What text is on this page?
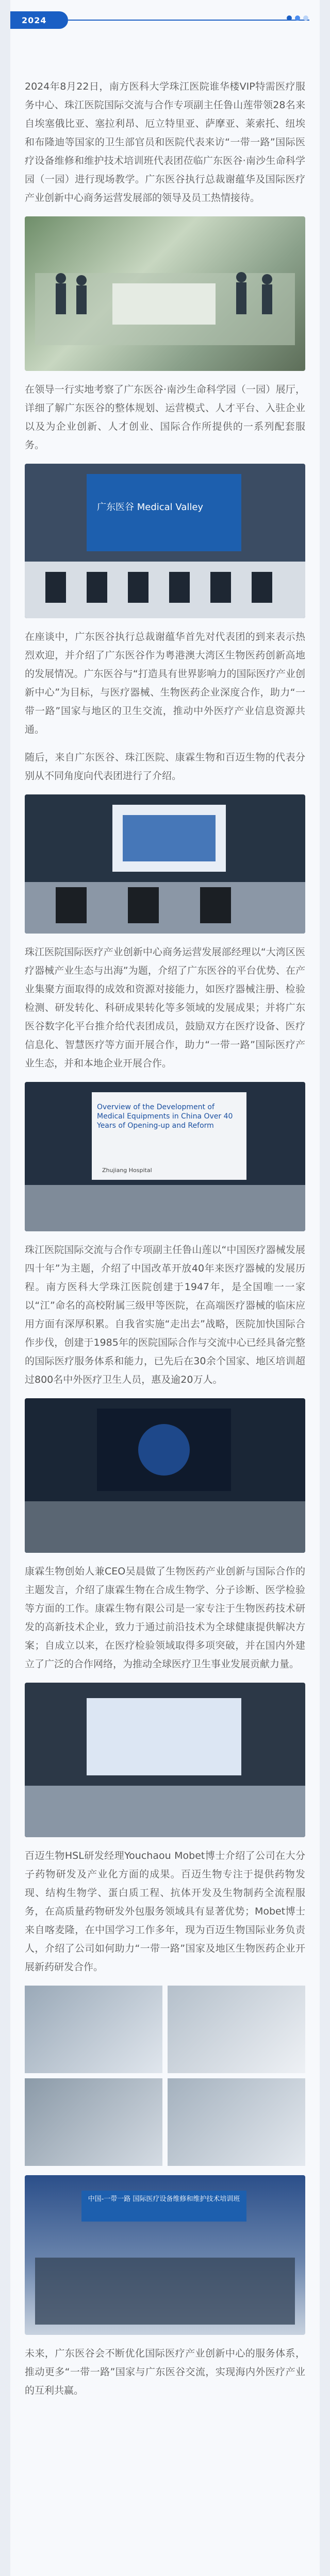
2024

2024年8月22日，南方医科大学珠江医院谁华楼VIP特需医疗服务中心、珠江医院国际交流与合作专项副主任鲁山莲带领28名来自埃塞俄比亚、塞拉利昂、厄立特里亚、萨摩亚、莱索托、纽埃和布隆迪等国家的卫生部官员和医院代表来访“一带一路”国际医疗设备维修和维护技术培训班代表团莅临广东医谷·南沙生命科学园（一园）进行现场教学。广东医谷执行总裁谢蕴华及国际医疗产业创新中心商务运营发展部的领导及员工热情接待。

在领导一行实地考察了广东医谷·南沙生命科学园（一园）展厅，详细了解广东医谷的整体规划、运营模式、人才平台、入驻企业以及为企业创新、人才创业、国际合作所提供的一系列配套服务。

广东医谷 Medical Valley

在座谈中，广东医谷执行总裁谢蕴华首先对代表团的到来表示热烈欢迎，并介绍了广东医谷作为粤港澳大湾区生物医药创新高地的发展情况。广东医谷与“打造具有世界影响力的国际医疗产业创新中心”为目标，与医疗器械、生物医药企业深度合作，助力“一带一路”国家与地区的卫生交流，推动中外医疗产业信息资源共通。

随后，来自广东医谷、珠江医院、康霖生物和百迈生物的代表分别从不同角度向代表团进行了介绍。

珠江医院国际医疗产业创新中心商务运营发展部经理以“大湾区医疗器械产业生态与出海”为题，介绍了广东医谷的平台优势、在产业集聚方面取得的成效和资源对接能力，如医疗器械注册、检验检测、研发转化、科研成果转化等多领域的发展成果；并将广东医谷数字化平台推介给代表团成员，鼓励双方在医疗设备、医疗信息化、智慧医疗等方面开展合作，助力“一带一路”国际医疗产业生态，并和本地企业开展合作。

Overview of the Development of Medical Equipments in China Over 40 Years of Opening-up and Reform
Zhujiang Hospital

珠江医院国际交流与合作专项副主任鲁山莲以“中国医疗器械发展四十年”为主题，介绍了中国改革开放40年来医疗器械的发展历程。南方医科大学珠江医院创建于1947年，是全国唯一一家以“江”命名的高校附属三级甲等医院，在高端医疗器械的临床应用方面有深厚积累。自我省实施“走出去”战略，医院加快国际合作步伐，创建于1985年的医院国际合作与交流中心已经具备完整的国际医疗服务体系和能力，已先后在30余个国家、地区培训超过800名中外医疗卫生人员，惠及逾20万人。

康霖生物创始人兼CEO吴晨做了生物医药产业创新与国际合作的主题发言，介绍了康霖生物在合成生物学、分子诊断、医学检验等方面的工作。康霖生物有限公司是一家专注于生物医药技术研发的高新技术企业，致力于通过前沿技术为全球健康提供解决方案；自成立以来，在医疗检验领域取得多项突破，并在国内外建立了广泛的合作网络，为推动全球医疗卫生事业发展贡献力量。

百迈生物HSL研发经理Youchaou Mobet博士介绍了公司在大分子药物研发及产业化方面的成果。百迈生物专注于提供药物发现、结构生物学、蛋白质工程、抗体开发及生物制药全流程服务，在高质量药物研发外包服务领域具有显著优势；Mobet博士来自喀麦隆，在中国学习工作多年，现为百迈生物国际业务负责人，介绍了公司如何助力“一带一路”国家及地区生物医药企业开展新药研发合作。

中国-一带一路 国际医疗设备维修和维护技术培训班

未来，广东医谷会不断优化国际医疗产业创新中心的服务体系，推动更多“一带一路”国家与广东医谷交流，实现海内外医疗产业的互利共赢。
